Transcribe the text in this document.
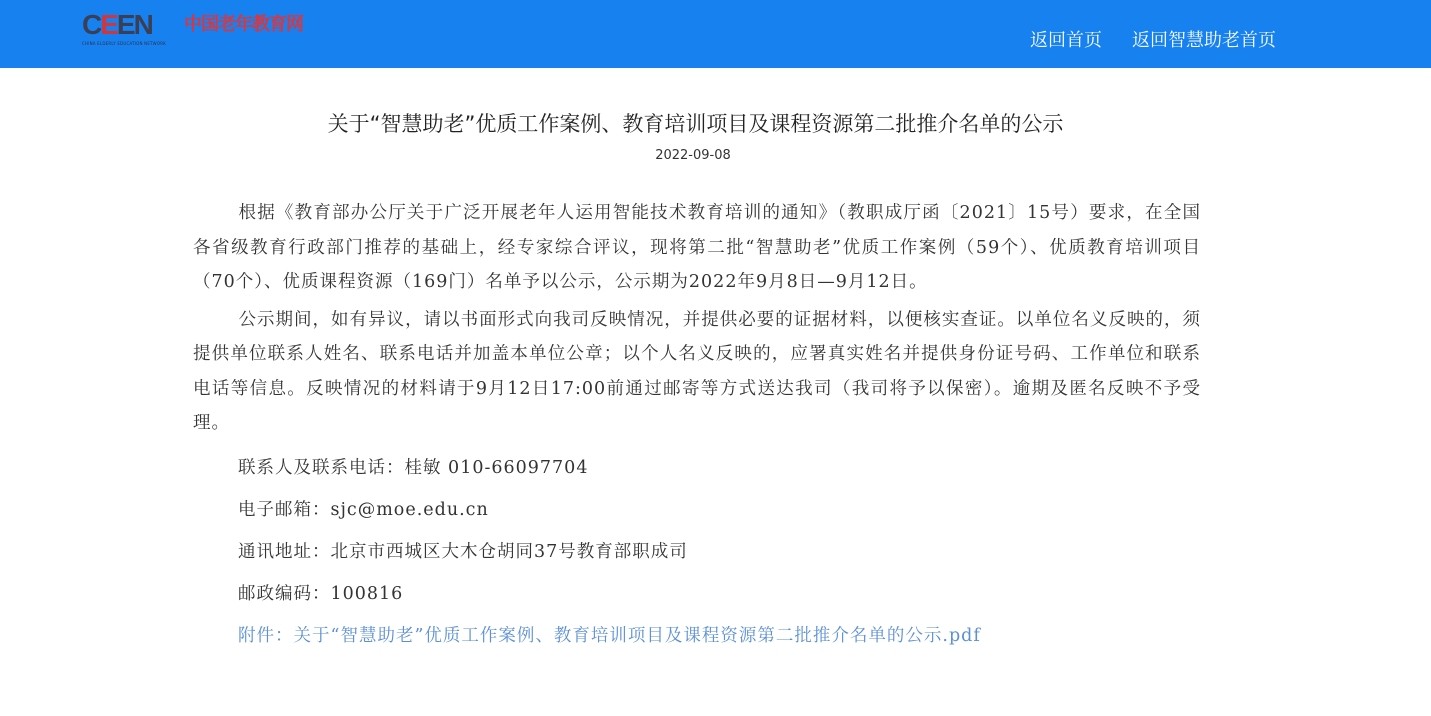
CEEN
CHINA ELDERLY EDUCATION NETWORK
中国老年教育网
返回首页 返回智慧助老首页
关于“智慧助老”优质工作案例、教育培训项目及课程资源第二批推介名单的公示
2022-09-08

根据《教育部办公厅关于广泛开展老年人运用智能技术教育培训的通知》（教职成厅函〔2021〕15号）要求，在全国各省级教育行政部门推荐的基础上，经专家综合评议，现将第二批“智慧助老”优质工作案例（59个）、优质教育培训项目（70个）、优质课程资源（169门）名单予以公示，公示期为2022年9月8日—9月12日。

公示期间，如有异议，请以书面形式向我司反映情况，并提供必要的证据材料，以便核实查证。以单位名义反映的，须提供单位联系人姓名、联系电话并加盖本单位公章；以个人名义反映的，应署真实姓名并提供身份证号码、工作单位和联系电话等信息。反映情况的材料请于9月12日17:00前通过邮寄等方式送达我司（我司将予以保密）。逾期及匿名反映不予受理。

联系人及联系电话：桂敏 010-66097704

电子邮箱：sjc@moe.edu.cn

通讯地址：北京市西城区大木仓胡同37号教育部职成司

邮政编码：100816

附件：关于“智慧助老”优质工作案例、教育培训项目及课程资源第二批推介名单的公示.pdf
